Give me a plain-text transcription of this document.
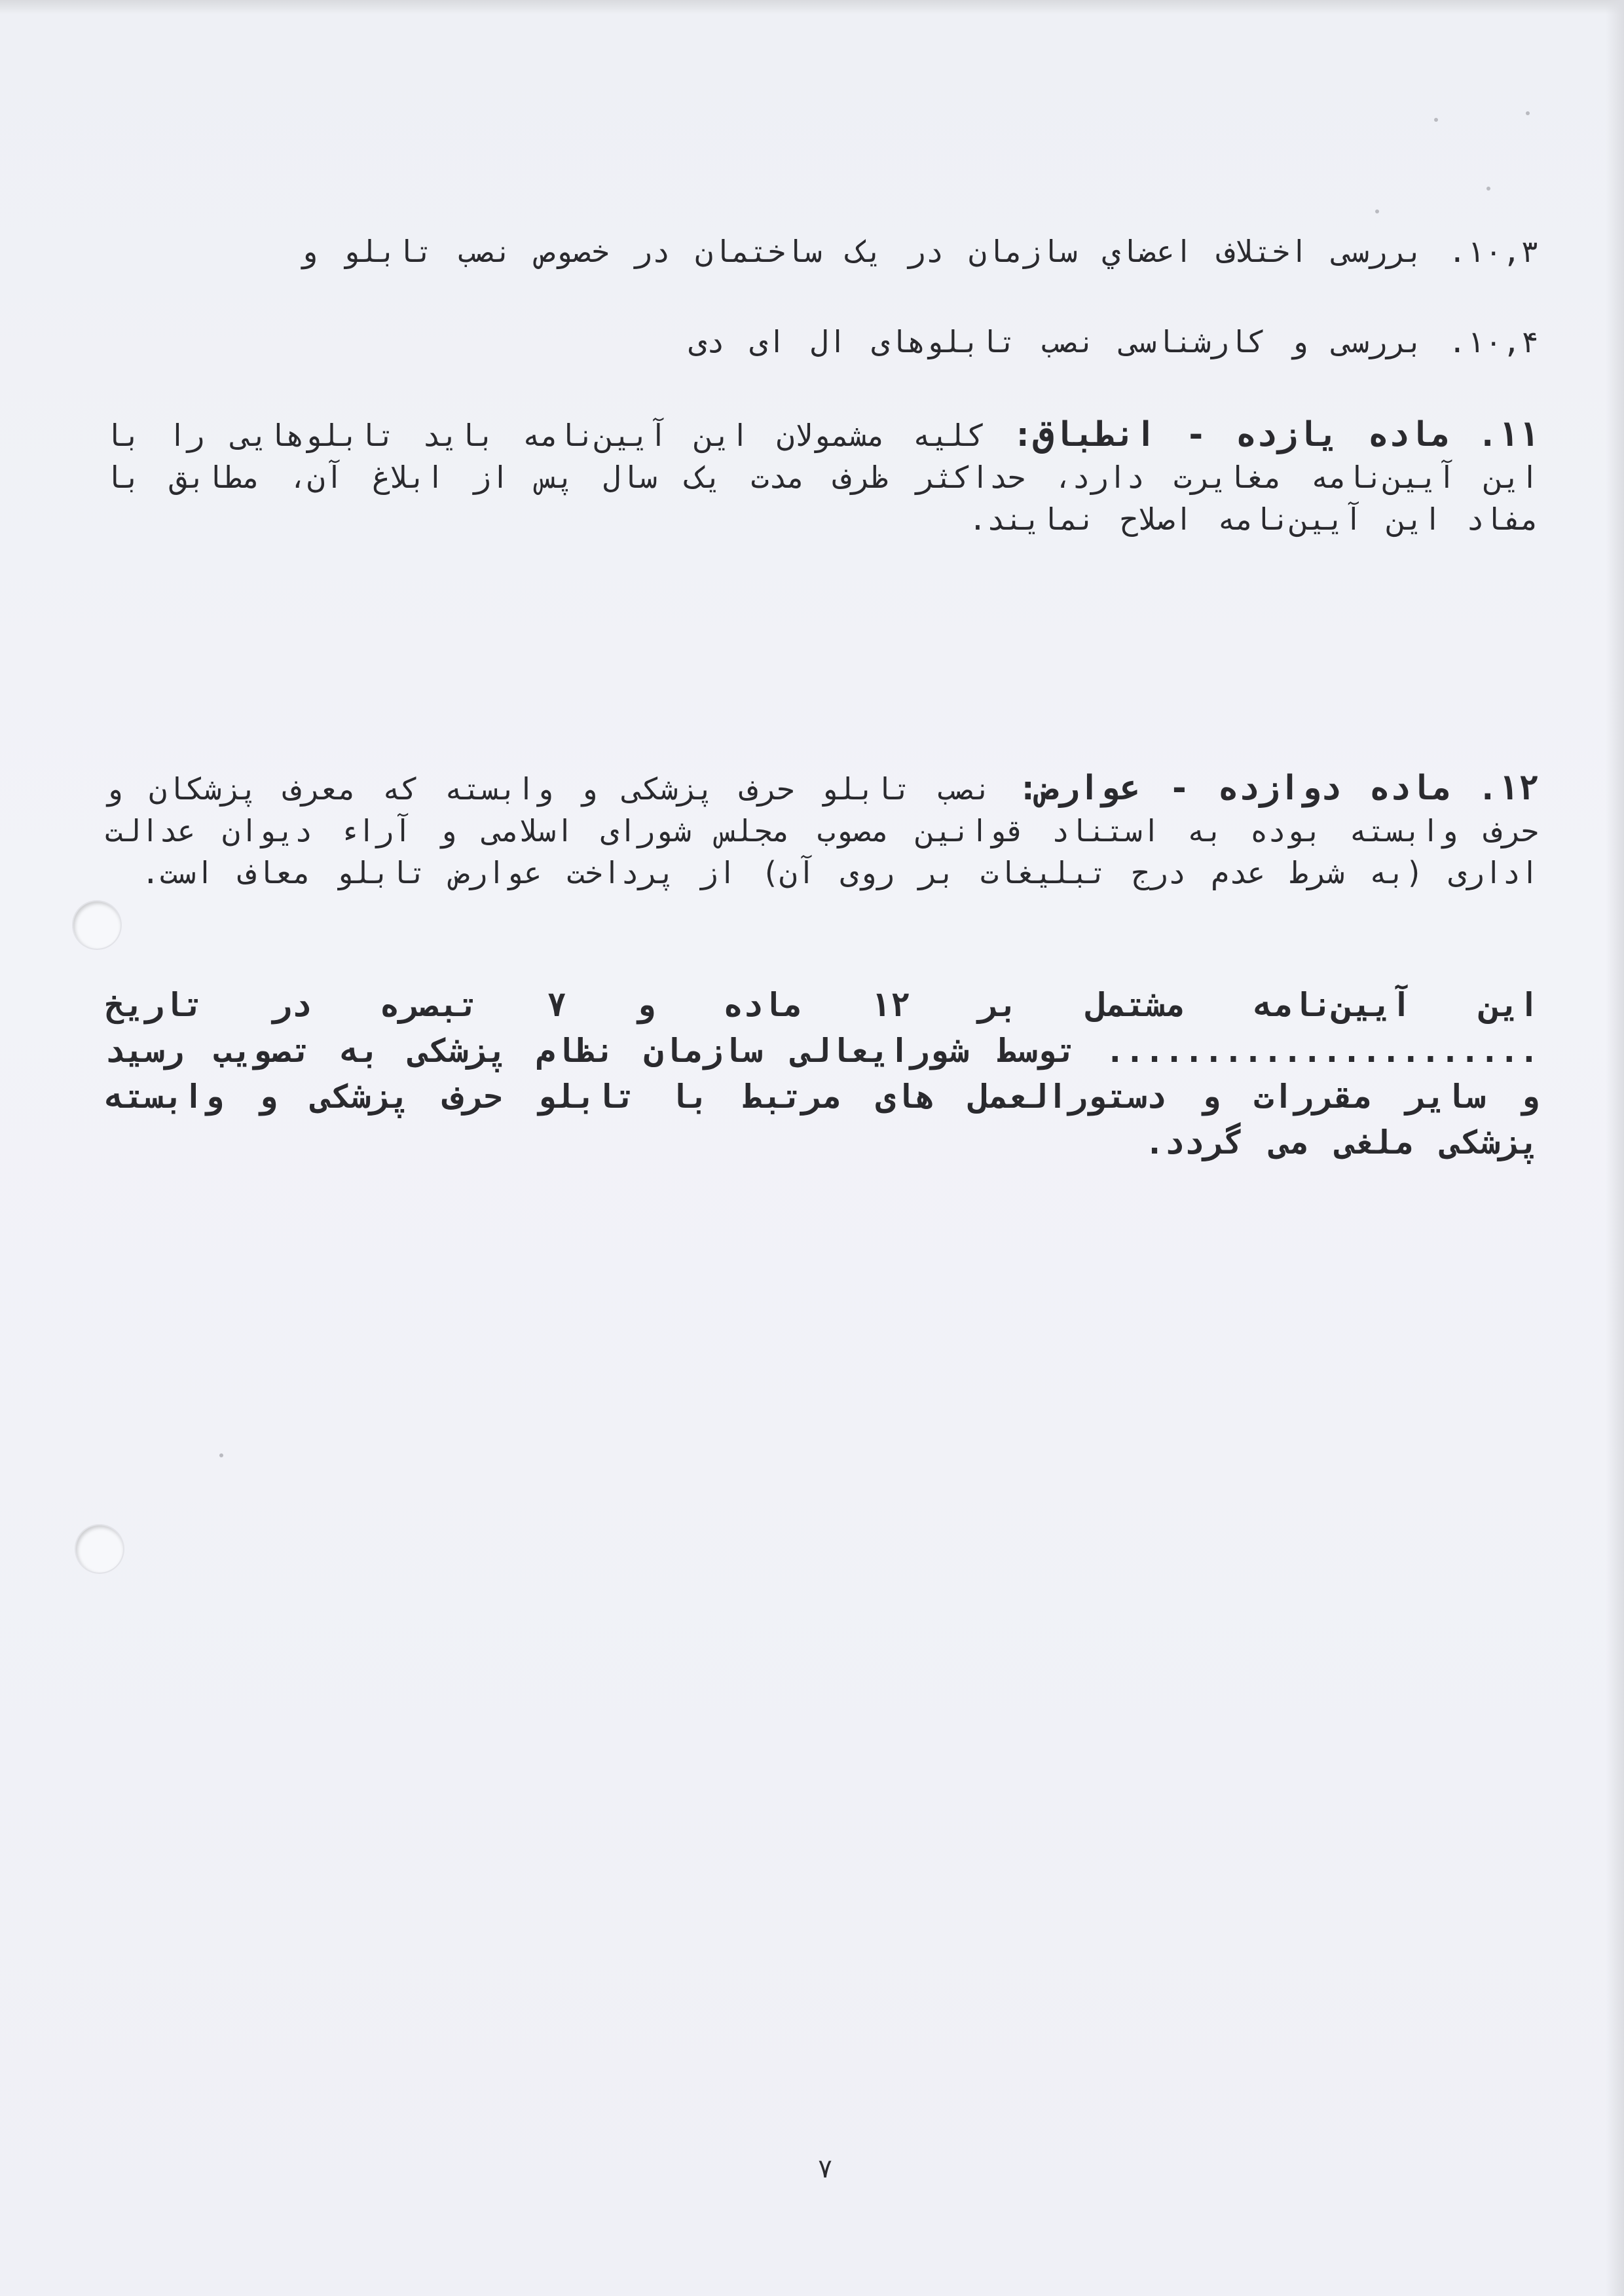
۱۰,۳. بررسی اختلاف اعضاي سازمان در يک ساختمان در خصوص نصب تابلو و
۱۰,۴. بررسی و کارشناسی نصب تابلوهای ال ای دی
۱۱. ماده یازده - انطباق: کلیه مشمولان این آیین‌نامه باید تابلوهایی را با این آیین‌نامه مغایرت دارد، حداکثر ظرف مدت یک سال پس از ابلاغ آن، مطابق با مفاد این آیین‌نامه اصلاح نمایند.
۱۲. ماده دوازده - عوارض: نصب تابلو حرف پزشکی و وابسته که معرف پزشکان و حرف وابسته بوده به استناد قوانین مصوب مجلس شورای اسلامی و آراء دیوان عدالت اداری (به شرط عدم درج تبلیغات بر روی آن) از پرداخت عوارض تابلو معاف است.
این آیین‌نامه مشتمل بر ۱۲ ماده و ۷ تبصره در تاریخ ...................... توسط شورایعالی سازمان نظام پزشکی به تصویب رسید و سایر مقررات و دستورالعمل های مرتبط با تابلو حرف پزشکی و وابسته پزشکی ملغی می گردد.
۷
